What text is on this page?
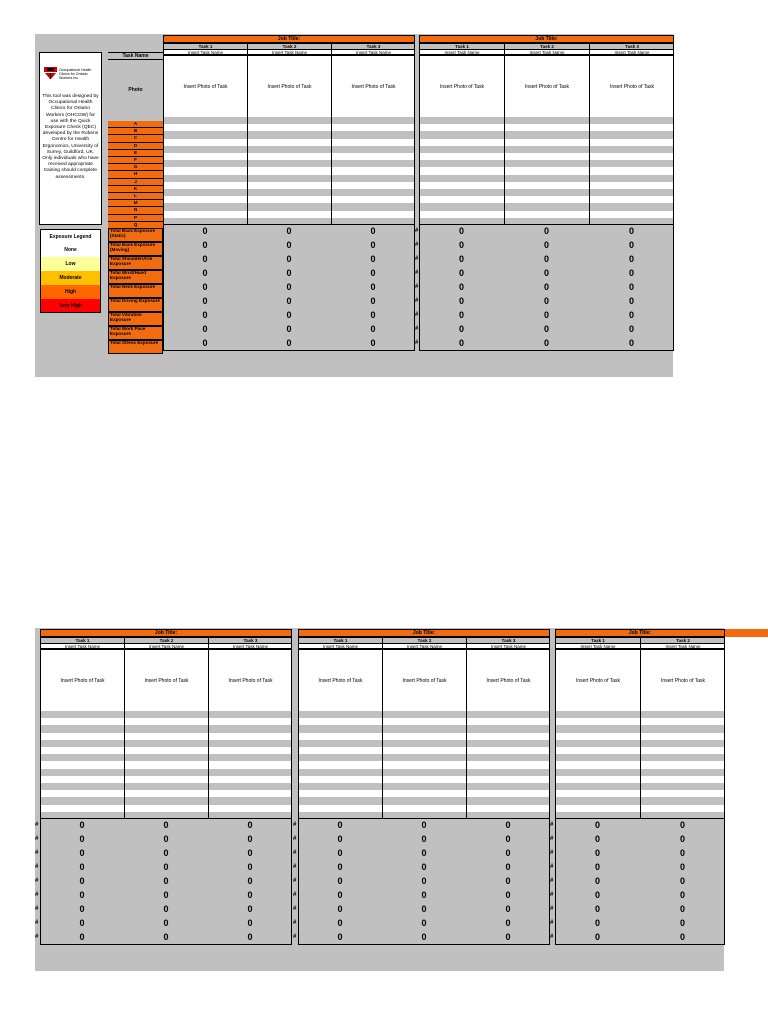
Occupational Health
Clinics for Ontario
Workers Inc.
This tool was designed by Occupational Health Clinics for Ontario Workers (OHCOW) for use with the Quick Exposure Check (QEC) developed by the Robens Centre for Health Ergonomics, University of Surrey, Guildford, UK. Only individuals who have received appropriate training should complete assessments.
Exposure Legend
None
Low
Moderate
High
Very High
Task Name
Photo
A
B
C
D
E
F
G
H
J
K
L
M
N
P
Q
Total Back Exposure (Static)
Total Back Exposure (Moving)
Total Shoulder/Arm Exposure
Total Wrist/Hand Exposure
Total Neck Exposure
Total Driving Exposure
Total Vibration Exposure
Total Work Pace Exposure
Total Stress Exposure
Job Title:
Task 1
Insert Task Name
Insert Photo of Task
0
0
0
0
0
0
0
0
0
Task 2
Insert Task Name
Insert Photo of Task
0
0
0
0
0
0
0
0
0
Task 3
Insert Task Name
Insert Photo of Task
0
0
0
0
0
0
0
0
0
Job Title:
Task 1
Insert Task Name
Insert Photo of Task
0
0
0
0
0
0
0
0
0
Task 2
Insert Task Name
Insert Photo of Task
0
0
0
0
0
0
0
0
0
Task 3
Insert Task Name
Insert Photo of Task
0
0
0
0
0
0
0
0
0
#
#
#
#
#
#
#
#
#
Job Title:
Task 1
Insert Task Name
Insert Photo of Task
0
0
0
0
0
0
0
0
0
Task 2
Insert Task Name
Insert Photo of Task
0
0
0
0
0
0
0
0
0
Task 3
Insert Task Name
Insert Photo of Task
0
0
0
0
0
0
0
0
0
#
#
#
#
#
#
#
#
#
Job Title:
Task 1
Insert Task Name
Insert Photo of Task
0
0
0
0
0
0
0
0
0
Task 2
Insert Task Name
Insert Photo of Task
0
0
0
0
0
0
0
0
0
Task 3
Insert Task Name
Insert Photo of Task
0
0
0
0
0
0
0
0
0
#
#
#
#
#
#
#
#
#
Job Title:
Task 1
Insert Task Name
Insert Photo of Task
0
0
0
0
0
0
0
0
0
Task 2
Insert Task Name
Insert Photo of Task
0
0
0
0
0
0
0
0
0
#
#
#
#
#
#
#
#
#
